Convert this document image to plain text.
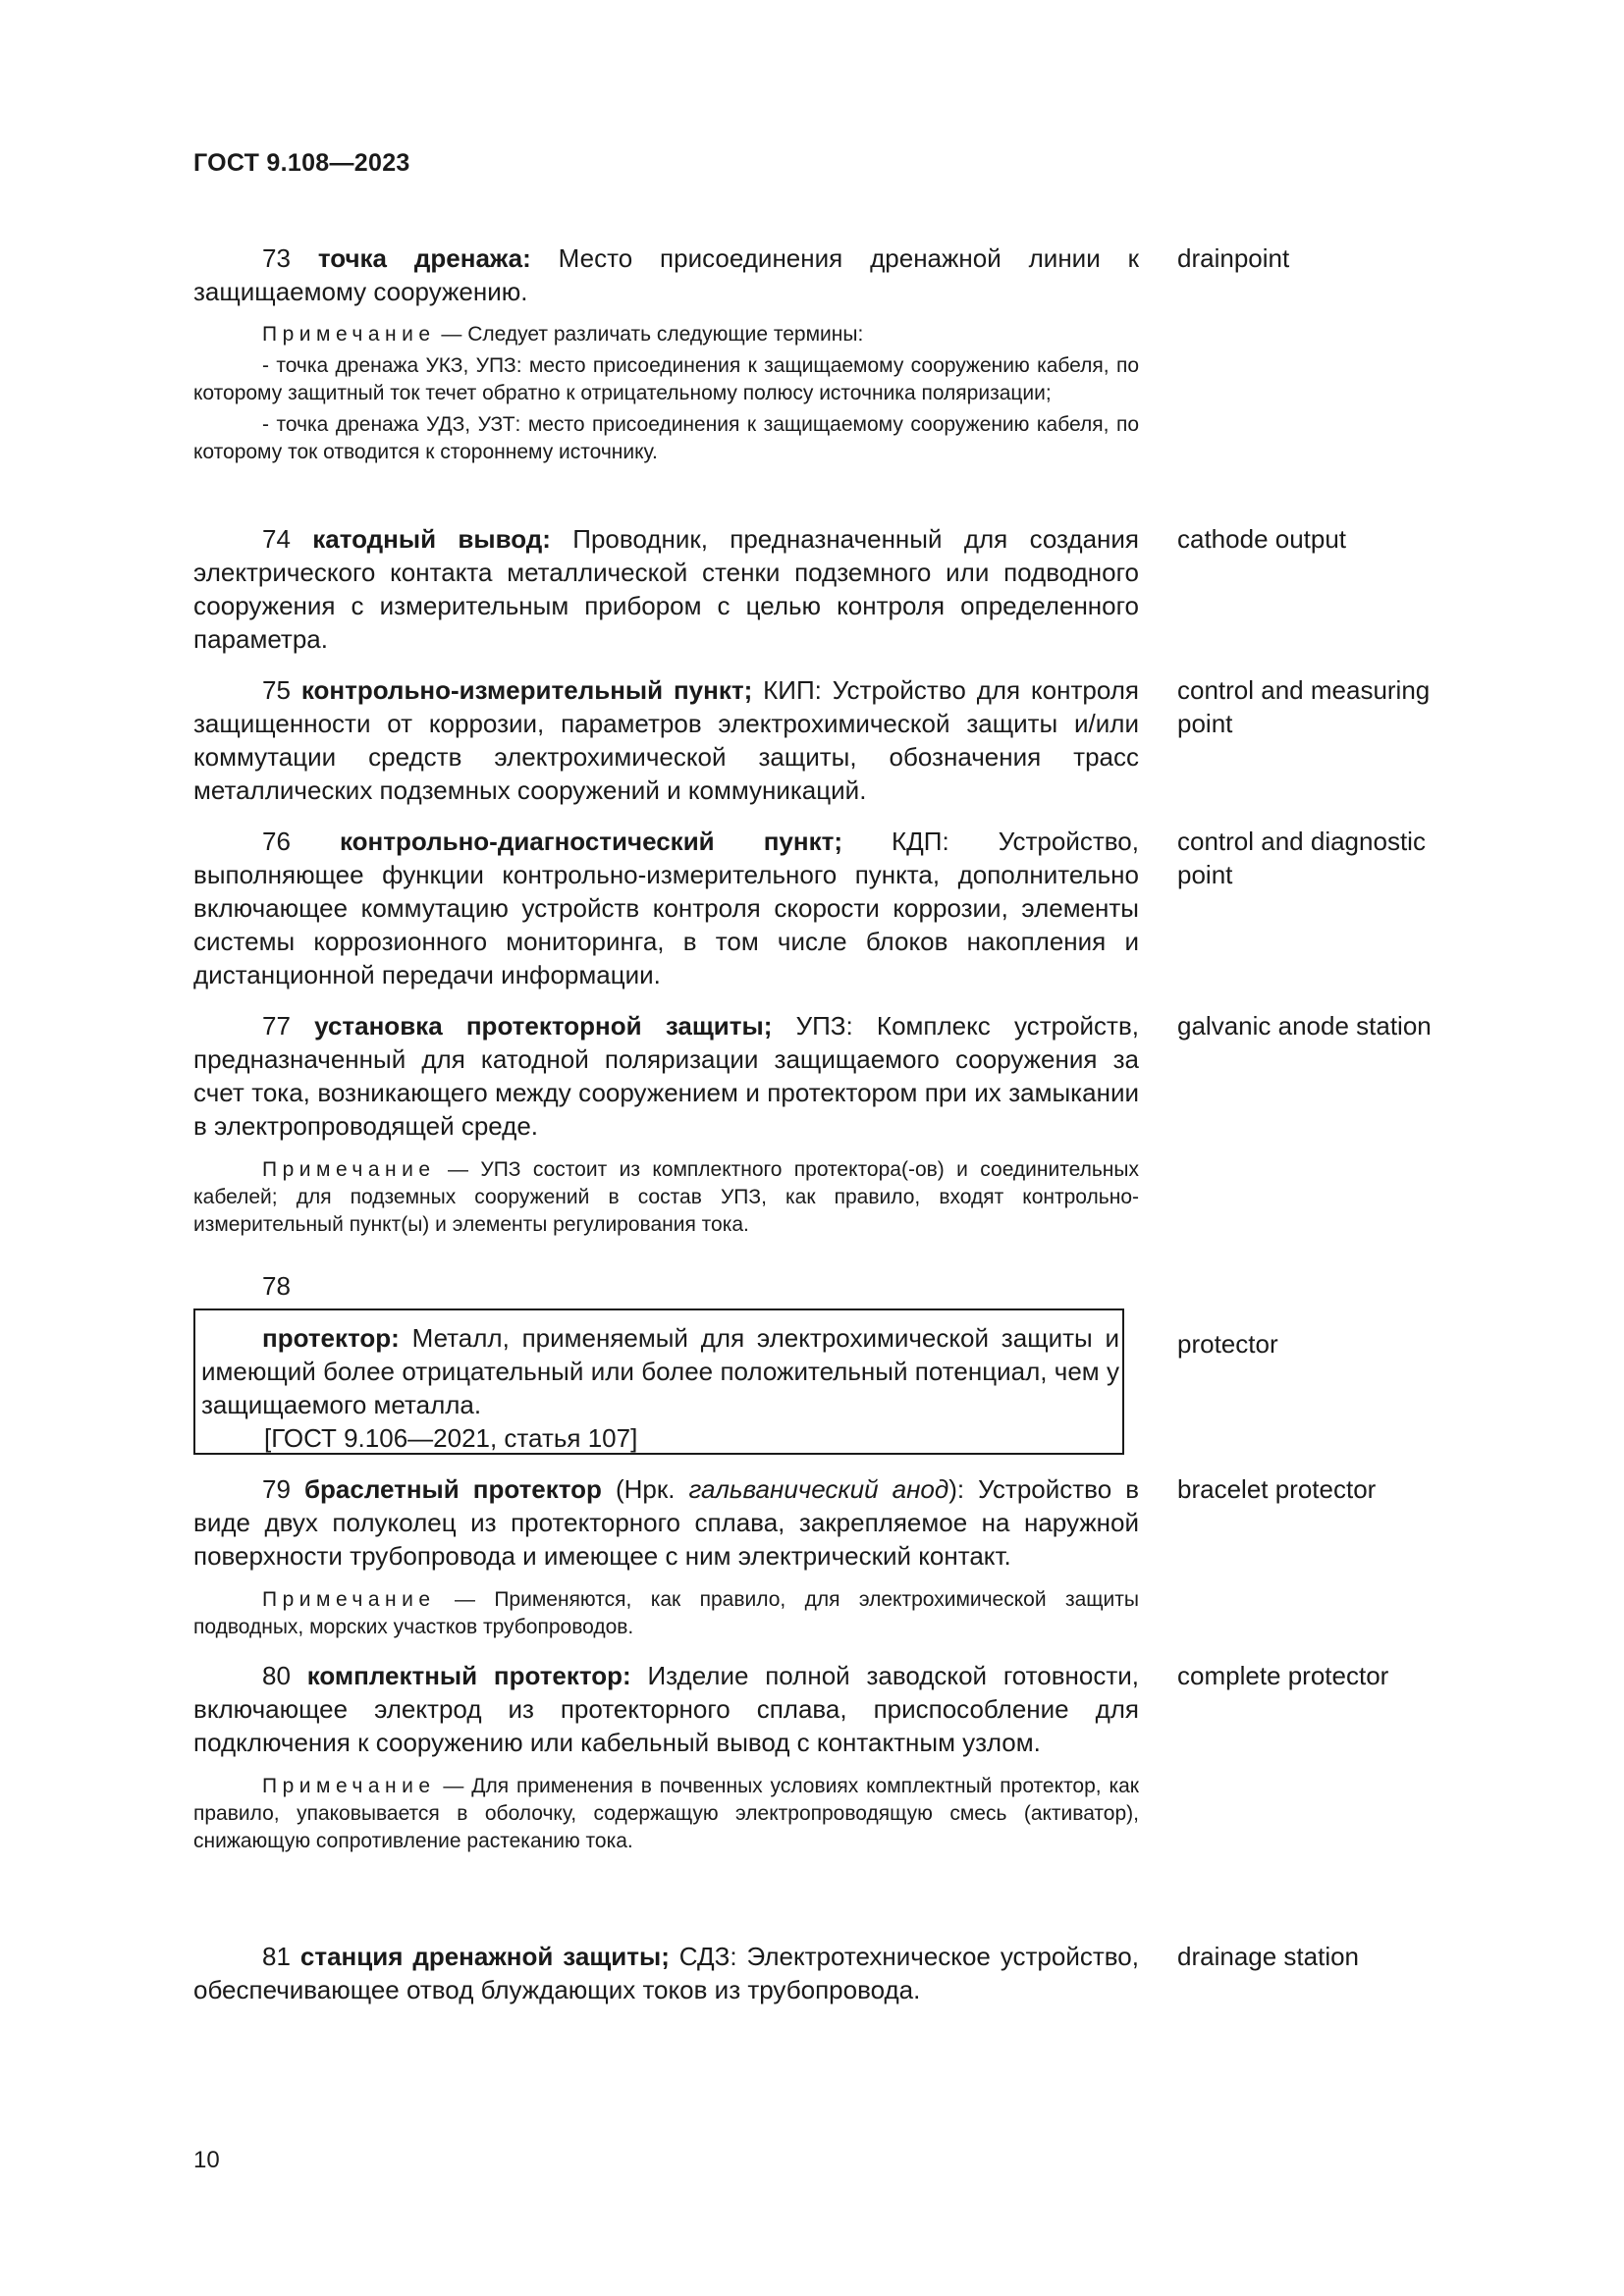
ГОСТ 9.108—2023
73 точка дренажа: Место присоединения дренажной линии к защищаемому сооружению.
drainpoint
Примечание — Следует различать следующие термины:
- точка дренажа УКЗ, УПЗ: место присоединения к защищаемому сооружению кабеля, по которому защитный ток течет обратно к отрицательному полюсу источника поляризации;
- точка дренажа УДЗ, УЗТ: место присоединения к защищаемому сооружению кабеля, по которому ток отводится к стороннему источнику.
74 катодный вывод: Проводник, предназначенный для создания электрического контакта металлической стенки подземного или подводного сооружения с измерительным прибором с целью контроля определенного параметра.
cathode output
75 контрольно-измерительный пункт; КИП: Устройство для контроля защищенности от коррозии, параметров электрохимической защиты и/или коммутации средств электрохимической защиты, обозначения трасс металлических подземных сооружений и коммуникаций.
control and measuring point
76 контрольно-диагностический пункт; КДП: Устройство, выполняющее функции контрольно-измерительного пункта, дополнительно включающее коммутацию устройств контроля скорости коррозии, элементы системы коррозионного мониторинга, в том числе блоков накопления и дистанционной передачи информации.
control and diagnostic point
77 установка протекторной защиты; УПЗ: Комплекс устройств, предназначенный для катодной поляризации защищаемого сооружения за счет тока, возникающего между сооружением и протектором при их замыкании в электропроводящей среде.
galvanic anode station
Примечание — УПЗ состоит из комплектного протектора(-ов) и соединительных кабелей; для подземных сооружений в состав УПЗ, как правило, входят контрольно-измерительный пункт(ы) и элементы регулирования тока.
78
протектор: Металл, применяемый для электрохимической защиты и имеющий более отрицательный или более положительный потенциал, чем у защищаемого металла.
[ГОСТ 9.106—2021, статья 107]
protector
79 браслетный протектор (Нрк. гальванический анод): Устройство в виде двух полуколец из протекторного сплава, закрепляемое на наружной поверхности трубопровода и имеющее с ним электрический контакт.
bracelet protector
Примечание — Применяются, как правило, для электрохимической защиты подводных, морских участков трубопроводов.
80 комплектный протектор: Изделие полной заводской готовности, включающее электрод из протекторного сплава, приспособление для подключения к сооружению или кабельный вывод с контактным узлом.
complete protector
Примечание — Для применения в почвенных условиях комплектный протектор, как правило, упаковывается в оболочку, содержащую электропроводящую смесь (активатор), снижающую сопротивление растеканию тока.
81 станция дренажной защиты; СДЗ: Электротехническое устройство, обеспечивающее отвод блуждающих токов из трубопровода.
drainage station
10
